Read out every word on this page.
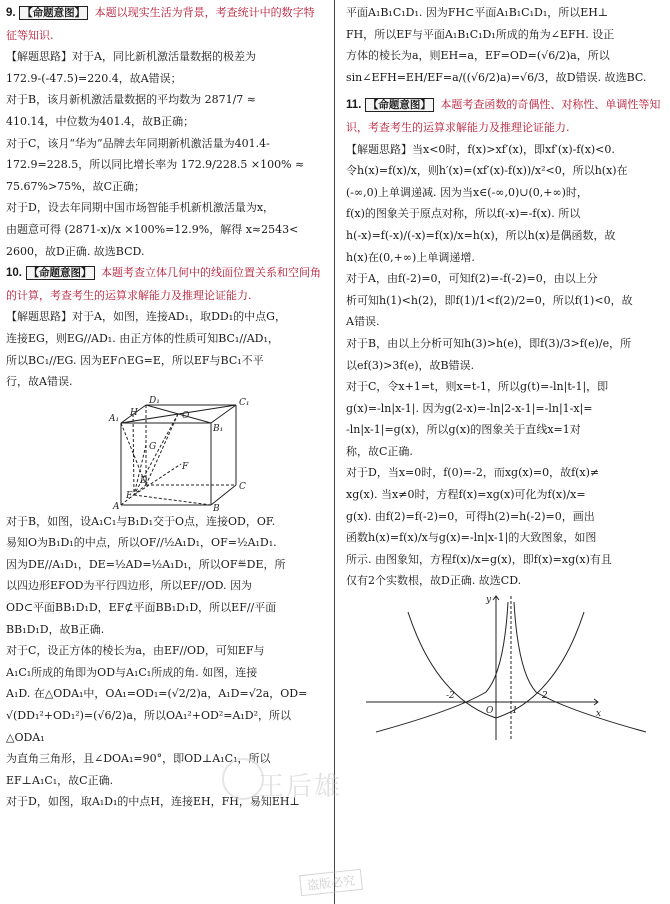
9. 【命题意图】 本题以现实生活为背景，考查统计中的数字特征等知识.

【解题思路】对于A，同比新机激活量数据的极差为

172.9-(-47.5)=220.4，故A错误；

对于B，该月新机激活量数据的平均数为 2871/7 ≈

410.14，中位数为401.4，故B正确；

对于C，该月“华为”品牌去年同期新机激活量为401.4-

172.9=228.5，所以同比增长率为 172.9/228.5 ×100% ≈

75.67%>75%，故C正确；

对于D，设去年同期中国市场智能手机新机激活量为x，

由题意可得 (2871-x)/x ×100%=12.9%，解得 x≈2543<

2600，故D正确. 故选BCD.

10. 【命题意图】 本题考查立体几何中的线面位置关系和空间角的计算，考查考生的运算求解能力及推理论证能力.

【解题思路】对于A，如图，连接AD₁，取DD₁的中点G，

连接EG，则EG//AD₁. 由正方体的性质可知BC₁//AD₁，

所以BC₁//EG. 因为EF∩EG=E，所以EF与BC₁不平

行，故A错误.

D₁	C₁
A₁
B₁
O
F
G
H
E
D
C
A	B

对于B，如图，设A₁C₁与B₁D₁交于O点，连接OD，OF.

易知O为B₁D₁的中点，所以OF//½A₁D₁，OF=½A₁D₁.

因为DE//A₁D₁，DE=½AD=½A₁D₁，所以OF≝DE，所

以四边形EFOD为平行四边形，所以EF//OD. 因为

OD⊂平面BB₁D₁D，EF⊄平面BB₁D₁D，所以EF//平面

BB₁D₁D，故B正确.

对于C，设正方体的棱长为a，由EF//OD，可知EF与

A₁C₁所成的角即为OD与A₁C₁所成的角. 如图，连接

A₁D. 在△ODA₁中，OA₁=OD₁=(√2/2)a，A₁D=√2a，OD=

√(DD₁²+OD₁²)=(√6/2)a，所以OA₁²+OD²=A₁D²，所以△ODA₁

为直角三角形，且∠DOA₁=90°，即OD⊥A₁C₁，所以

EF⊥A₁C₁，故C正确.

对于D，如图，取A₁D₁的中点H，连接EH，FH，易知EH⊥

王后雄
盗版必究

平面A₁B₁C₁D₁. 因为FH⊂平面A₁B₁C₁D₁，所以EH⊥

FH，所以EF与平面A₁B₁C₁D₁所成的角为∠EFH. 设正

方体的棱长为a，则EH=a，EF=OD=(√6/2)a，所以

sin∠EFH=EH/EF=a/((√6/2)a)=√6/3，故D错误. 故选BC.

11. 【命题意图】 本题考查函数的奇偶性、对称性、单调性等知识，考查考生的运算求解能力及推理论证能力.

【解题思路】当x<0时，f(x)>xf′(x)，即xf′(x)-f(x)<0.

令h(x)=f(x)/x，则h′(x)=(xf′(x)-f(x))/x²<0，所以h(x)在

(-∞,0)上单调递减. 因为当x∈(-∞,0)∪(0,+∞)时，

f(x)的图象关于原点对称，所以f(-x)=-f(x). 所以

h(-x)=f(-x)/(-x)=f(x)/x=h(x)，所以h(x)是偶函数，故

h(x)在(0,+∞)上单调递增.

对于A，由f(-2)=0，可知f(2)=-f(-2)=0，由以上分

析可知h(1)<h(2)，即f(1)/1<f(2)/2=0，所以f(1)<0，故

A错误.

对于B，由以上分析可知h(3)>h(e)，即f(3)/3>f(e)/e，所

以ef(3)>3f(e)，故B错误.

对于C，令x+1=t，则x=t-1，所以g(t)=-ln|t-1|，即

g(x)=-ln|x-1|. 因为g(2-x)=-ln|2-x-1|=-ln|1-x|=

-ln|x-1|=g(x)，所以g(x)的图象关于直线x=1对

称，故C正确.

对于D，当x=0时，f(0)=-2，而xg(x)=0，故f(x)≠

xg(x). 当x≠0时，方程f(x)=xg(x)可化为f(x)/x=

g(x). 由f(2)=f(-2)=0，可得h(2)=h(-2)=0，画出

函数h(x)=f(x)/x与g(x)=-ln|x-1|的大致图象，如图

所示. 由图象知，方程f(x)/x=g(x)，即f(x)=xg(x)有且

仅有2个实数根，故D正确. 故选CD.

y
x
O
-2
1
2
